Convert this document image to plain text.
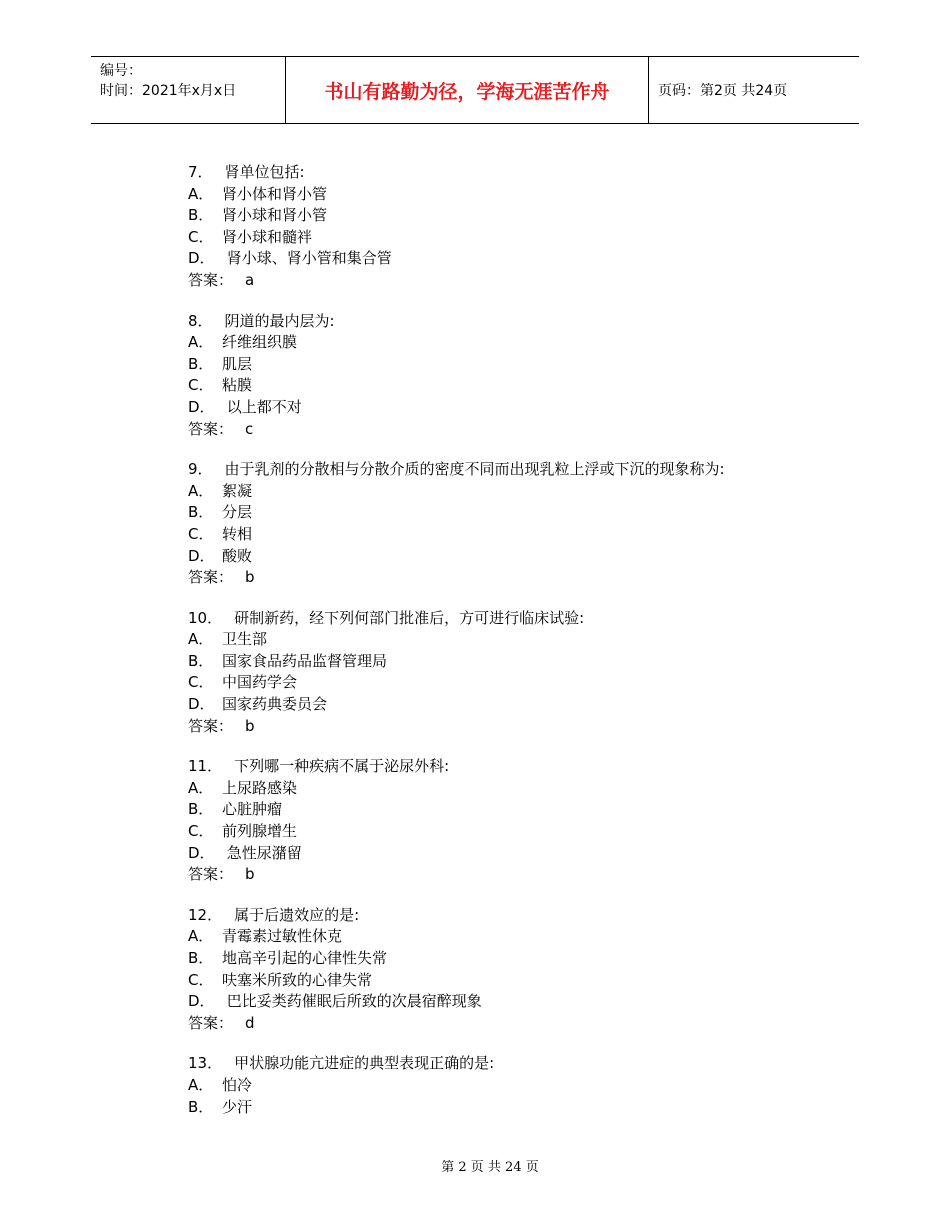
编号：
时间：2021年x月x日	书山有路勤为径，学海无涯苦作舟	页码：第2页 共24页
7． 肾单位包括:
A． 肾小体和肾小管
B． 肾小球和肾小管
C． 肾小球和髓袢
D． 肾小球、肾小管和集合管
答案： a
8． 阴道的最内层为:
A． 纤维组织膜
B． 肌层
C． 粘膜
D． 以上都不对
答案： c
9． 由于乳剂的分散相与分散介质的密度不同而出现乳粒上浮或下沉的现象称为:
A． 絮凝
B． 分层
C． 转相
D． 酸败
答案： b
10． 研制新药，经下列何部门批准后，方可进行临床试验:
A． 卫生部
B． 国家食品药品监督管理局
C． 中国药学会
D． 国家药典委员会
答案： b
11． 下列哪一种疾病不属于泌尿外科:
A． 上尿路感染
B． 心脏肿瘤
C． 前列腺增生
D． 急性尿潴留
答案： b
12． 属于后遗效应的是:
A． 青霉素过敏性休克
B． 地高辛引起的心律性失常
C． 呋塞米所致的心律失常
D． 巴比妥类药催眠后所致的次晨宿醉现象
答案： d
13． 甲状腺功能亢进症的典型表现正确的是:
A． 怕冷
B． 少汗
第 2 页 共 24 页
